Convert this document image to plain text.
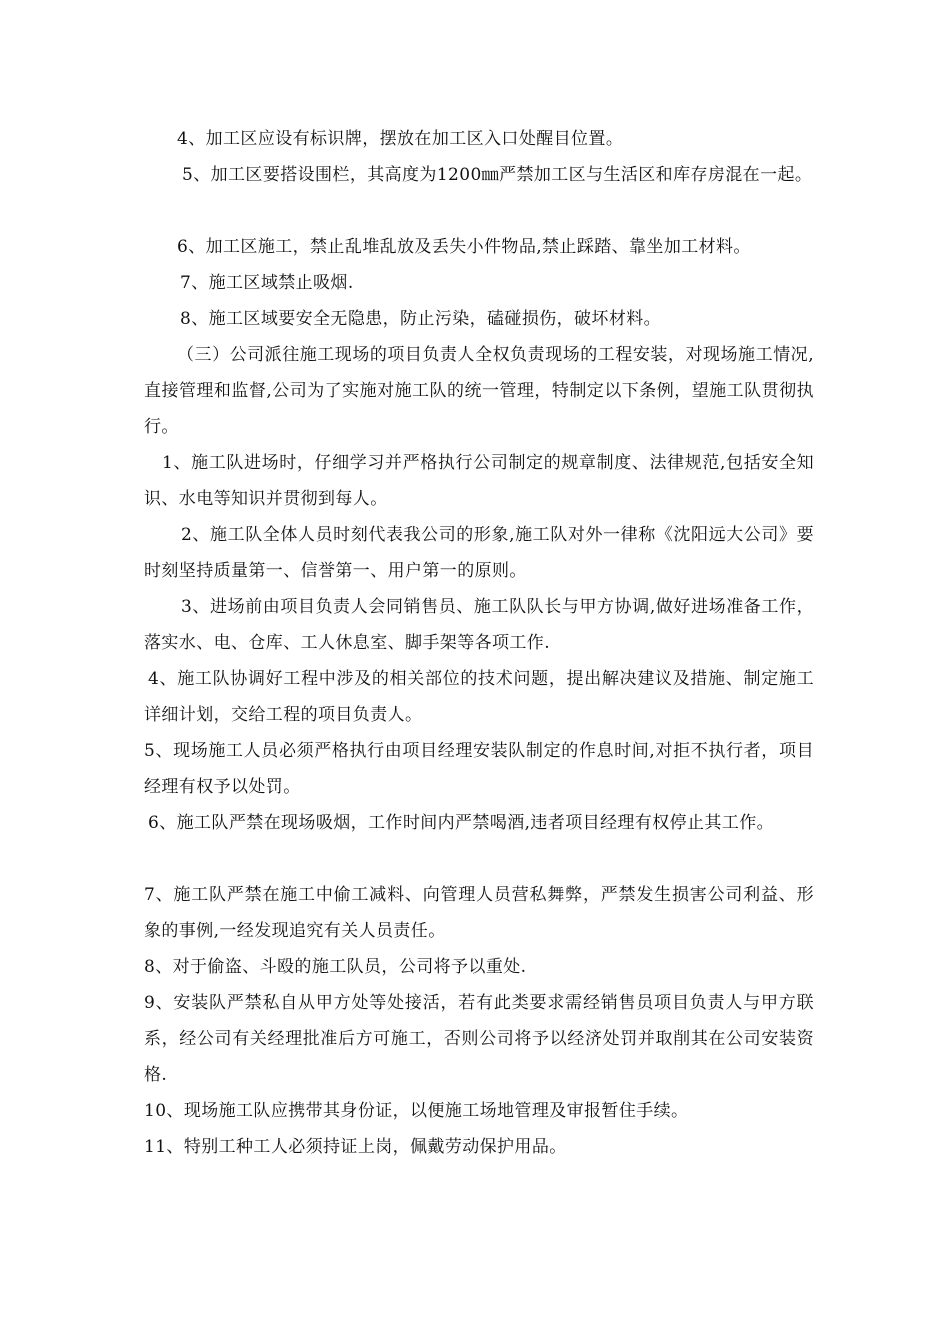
4、加工区应设有标识牌，摆放在加工区入口处醒目位置。

5、加工区要搭设围栏，其高度为1200㎜严禁加工区与生活区和库存房混在一起。

6、加工区施工，禁止乱堆乱放及丢失小件物品,禁止踩踏、靠坐加工材料。

7、施工区域禁止吸烟.

8、施工区域要安全无隐患，防止污染，磕碰损伤，破坏材料。

（三）公司派往施工现场的项目负责人全权负责现场的工程安装，对现场施工情况,直接管理和监督,公司为了实施对施工队的统一管理，特制定以下条例，望施工队贯彻执行。

1、施工队进场时，仔细学习并严格执行公司制定的规章制度、法律规范,包括安全知识、水电等知识并贯彻到每人。

2、施工队全体人员时刻代表我公司的形象,施工队对外一律称《沈阳远大公司》要时刻坚持质量第一、信誉第一、用户第一的原则。

3、进场前由项目负责人会同销售员、施工队队长与甲方协调,做好进场准备工作，落实水、电、仓库、工人休息室、脚手架等各项工作.

4、施工队协调好工程中涉及的相关部位的技术问题，提出解决建议及措施、制定施工详细计划，交给工程的项目负责人。

5、现场施工人员必须严格执行由项目经理安装队制定的作息时间,对拒不执行者，项目经理有权予以处罚。

6、施工队严禁在现场吸烟，工作时间内严禁喝酒,违者项目经理有权停止其工作。

7、施工队严禁在施工中偷工减料、向管理人员营私舞弊，严禁发生损害公司利益、形象的事例,一经发现追究有关人员责任。

8、对于偷盗、斗殴的施工队员，公司将予以重处.

9、安装队严禁私自从甲方处等处接活，若有此类要求需经销售员项目负责人与甲方联系，经公司有关经理批准后方可施工，否则公司将予以经济处罚并取削其在公司安装资格.

10、现场施工队应携带其身份证，以便施工场地管理及审报暂住手续。

11、特别工种工人必须持证上岗，佩戴劳动保护用品。
